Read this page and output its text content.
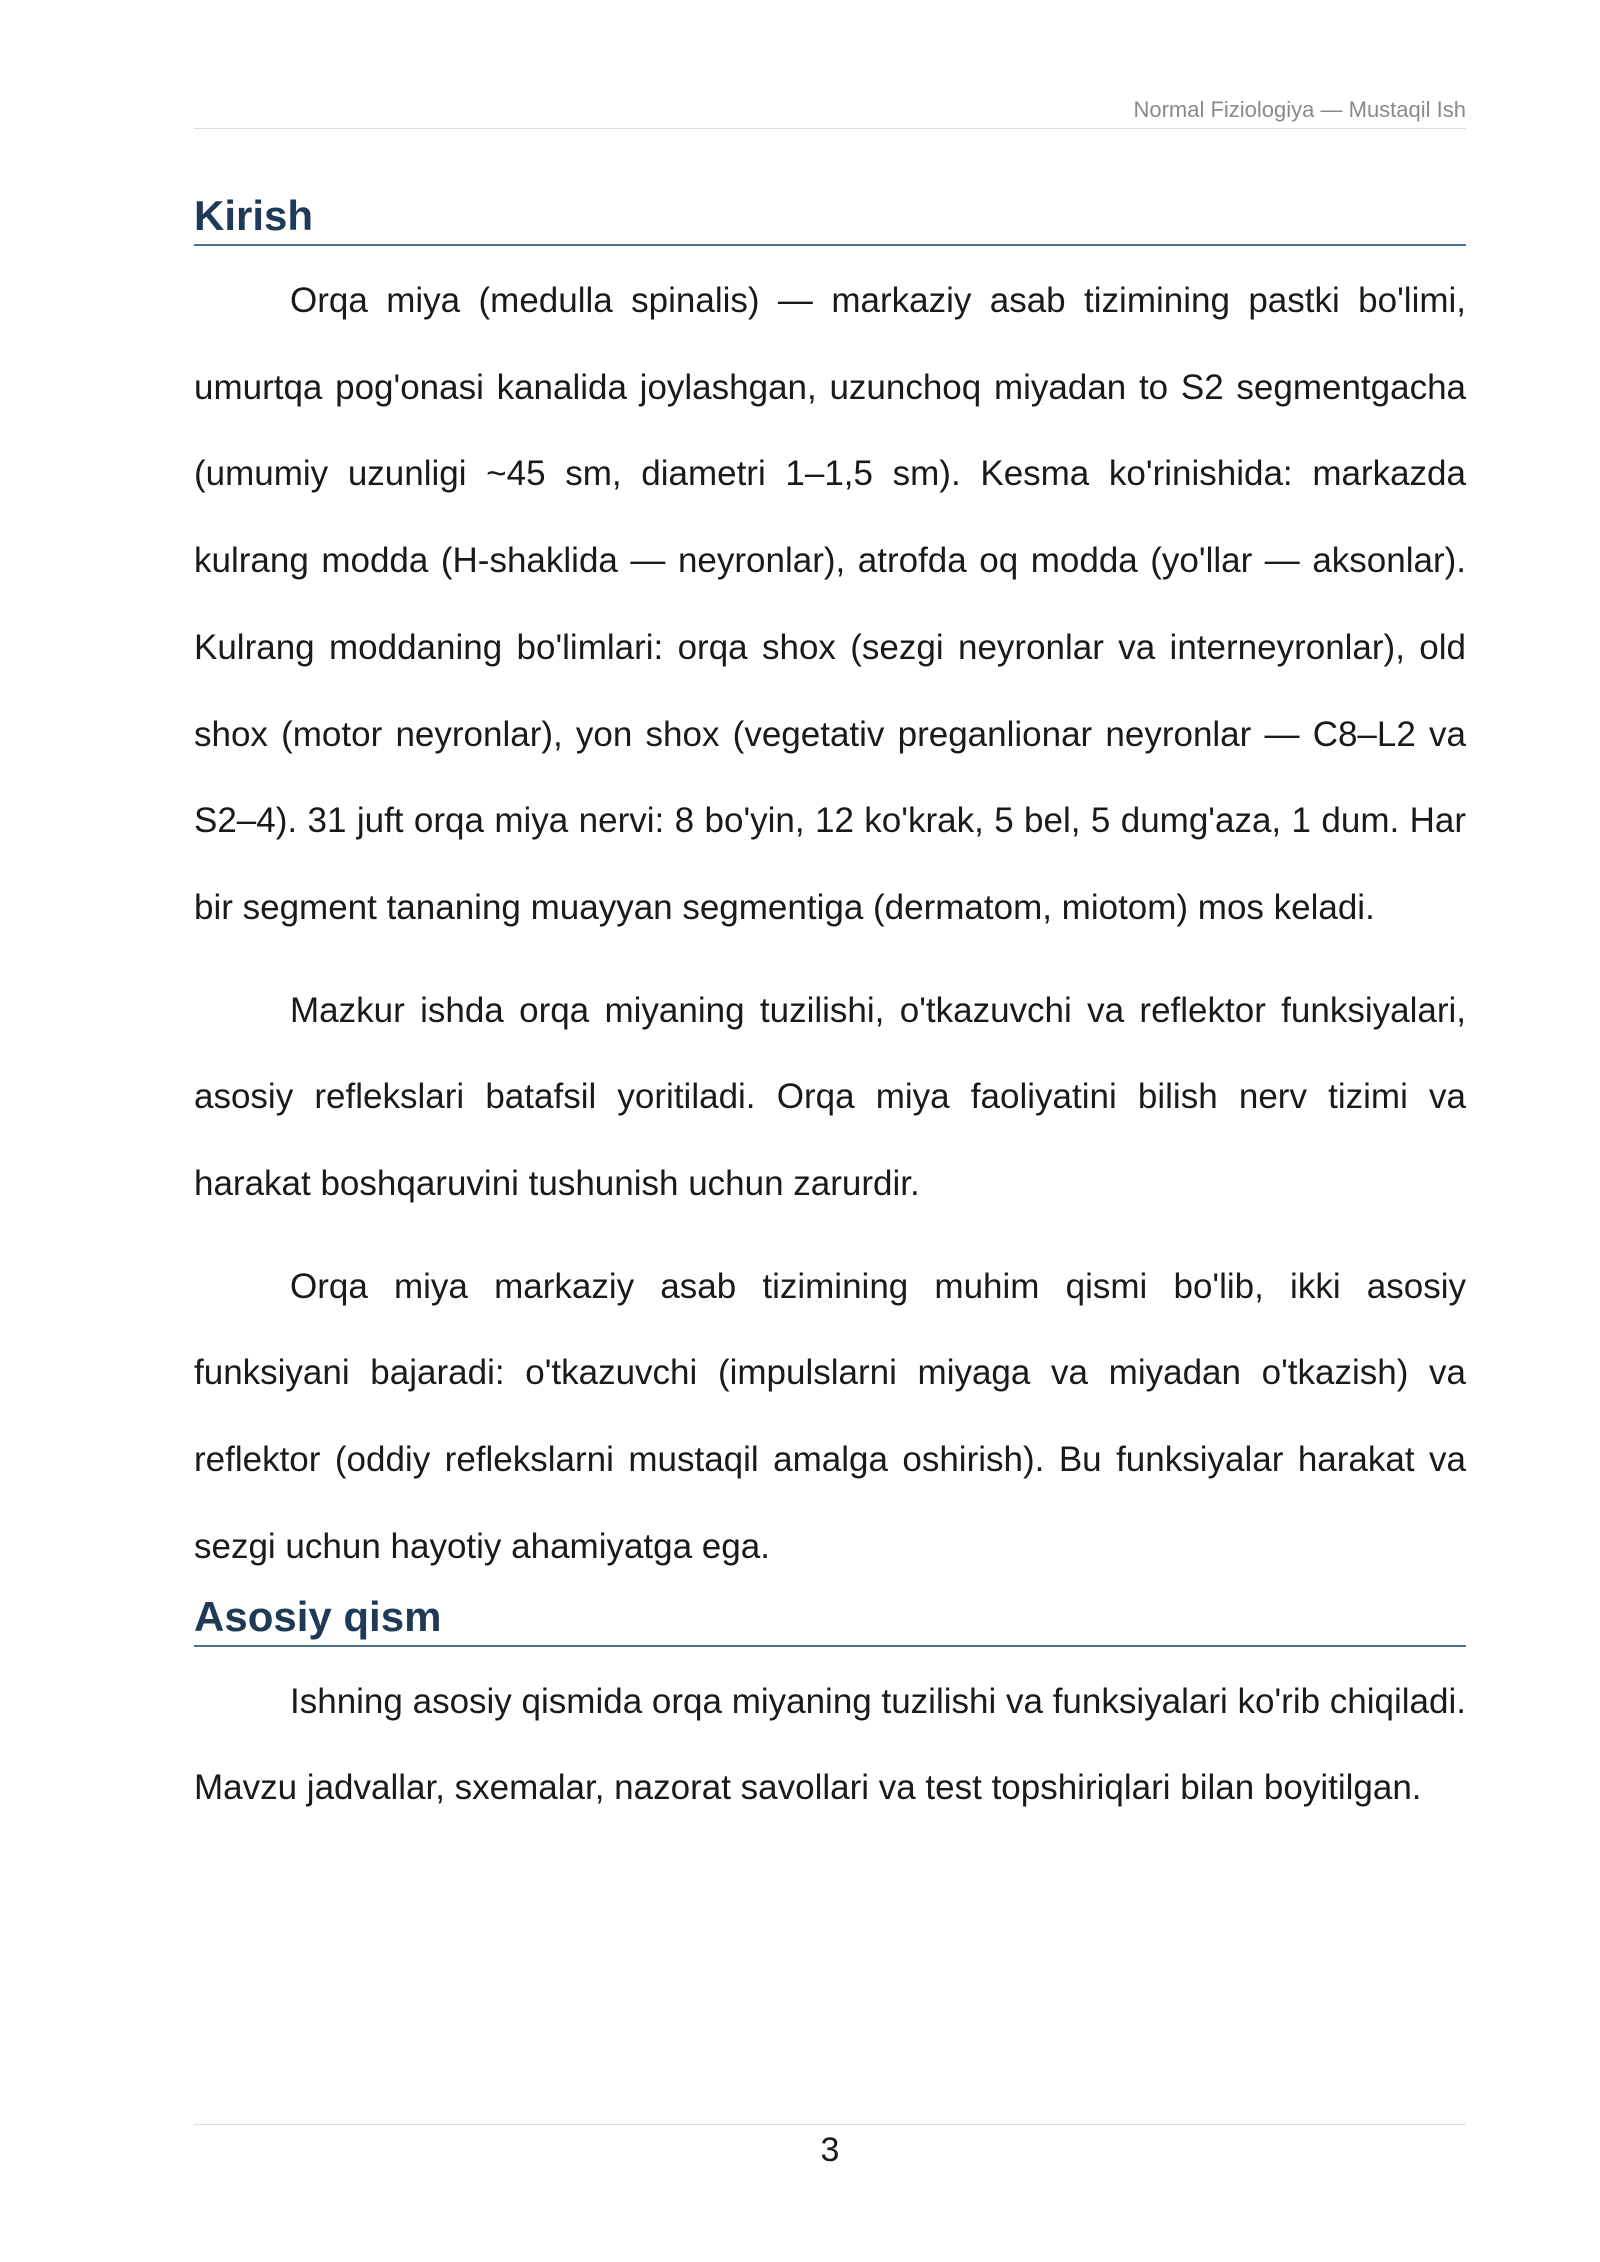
Normal Fiziologiya — Mustaqil Ish
Kirish

Orqa miya (medulla spinalis) — markaziy asab tizimining pastki bo'limi, umurtqa pog'onasi kanalida joylashgan, uzunchoq miyadan to S2 segmentgacha (umumiy uzunligi ~45 sm, diametri 1–1,5 sm). Kesma ko'rinishida: markazda kulrang modda (H-shaklida — neyronlar), atrofda oq modda (yo'llar — aksonlar). Kulrang moddaning bo'limlari: orqa shox (sezgi neyronlar va interneyronlar), old shox (motor neyronlar), yon shox (vegetativ preganlionar neyronlar — C8–L2 va S2–4). 31 juft orqa miya nervi: 8 bo'yin, 12 ko'krak, 5 bel, 5 dumg'aza, 1 dum. Har bir segment tananing muayyan segmentiga (dermatom, miotom) mos keladi.

Mazkur ishda orqa miyaning tuzilishi, o'tkazuvchi va reflektor funksiyalari, asosiy reflekslari batafsil yoritiladi. Orqa miya faoliyatini bilish nerv tizimi va harakat boshqaruvini tushunish uchun zarurdir.

Orqa miya markaziy asab tizimining muhim qismi bo'lib, ikki asosiy funksiyani bajaradi: o'tkazuvchi (impulslarni miyaga va miyadan o'tkazish) va reflektor (oddiy reflekslarni mustaqil amalga oshirish). Bu funksiyalar harakat va sezgi uchun hayotiy ahamiyatga ega.

Asosiy qism

Ishning asosiy qismida orqa miyaning tuzilishi va funksiyalari ko'rib chiqiladi. Mavzu jadvallar, sxemalar, nazorat savollari va test topshiriqlari bilan boyitilgan.

3
